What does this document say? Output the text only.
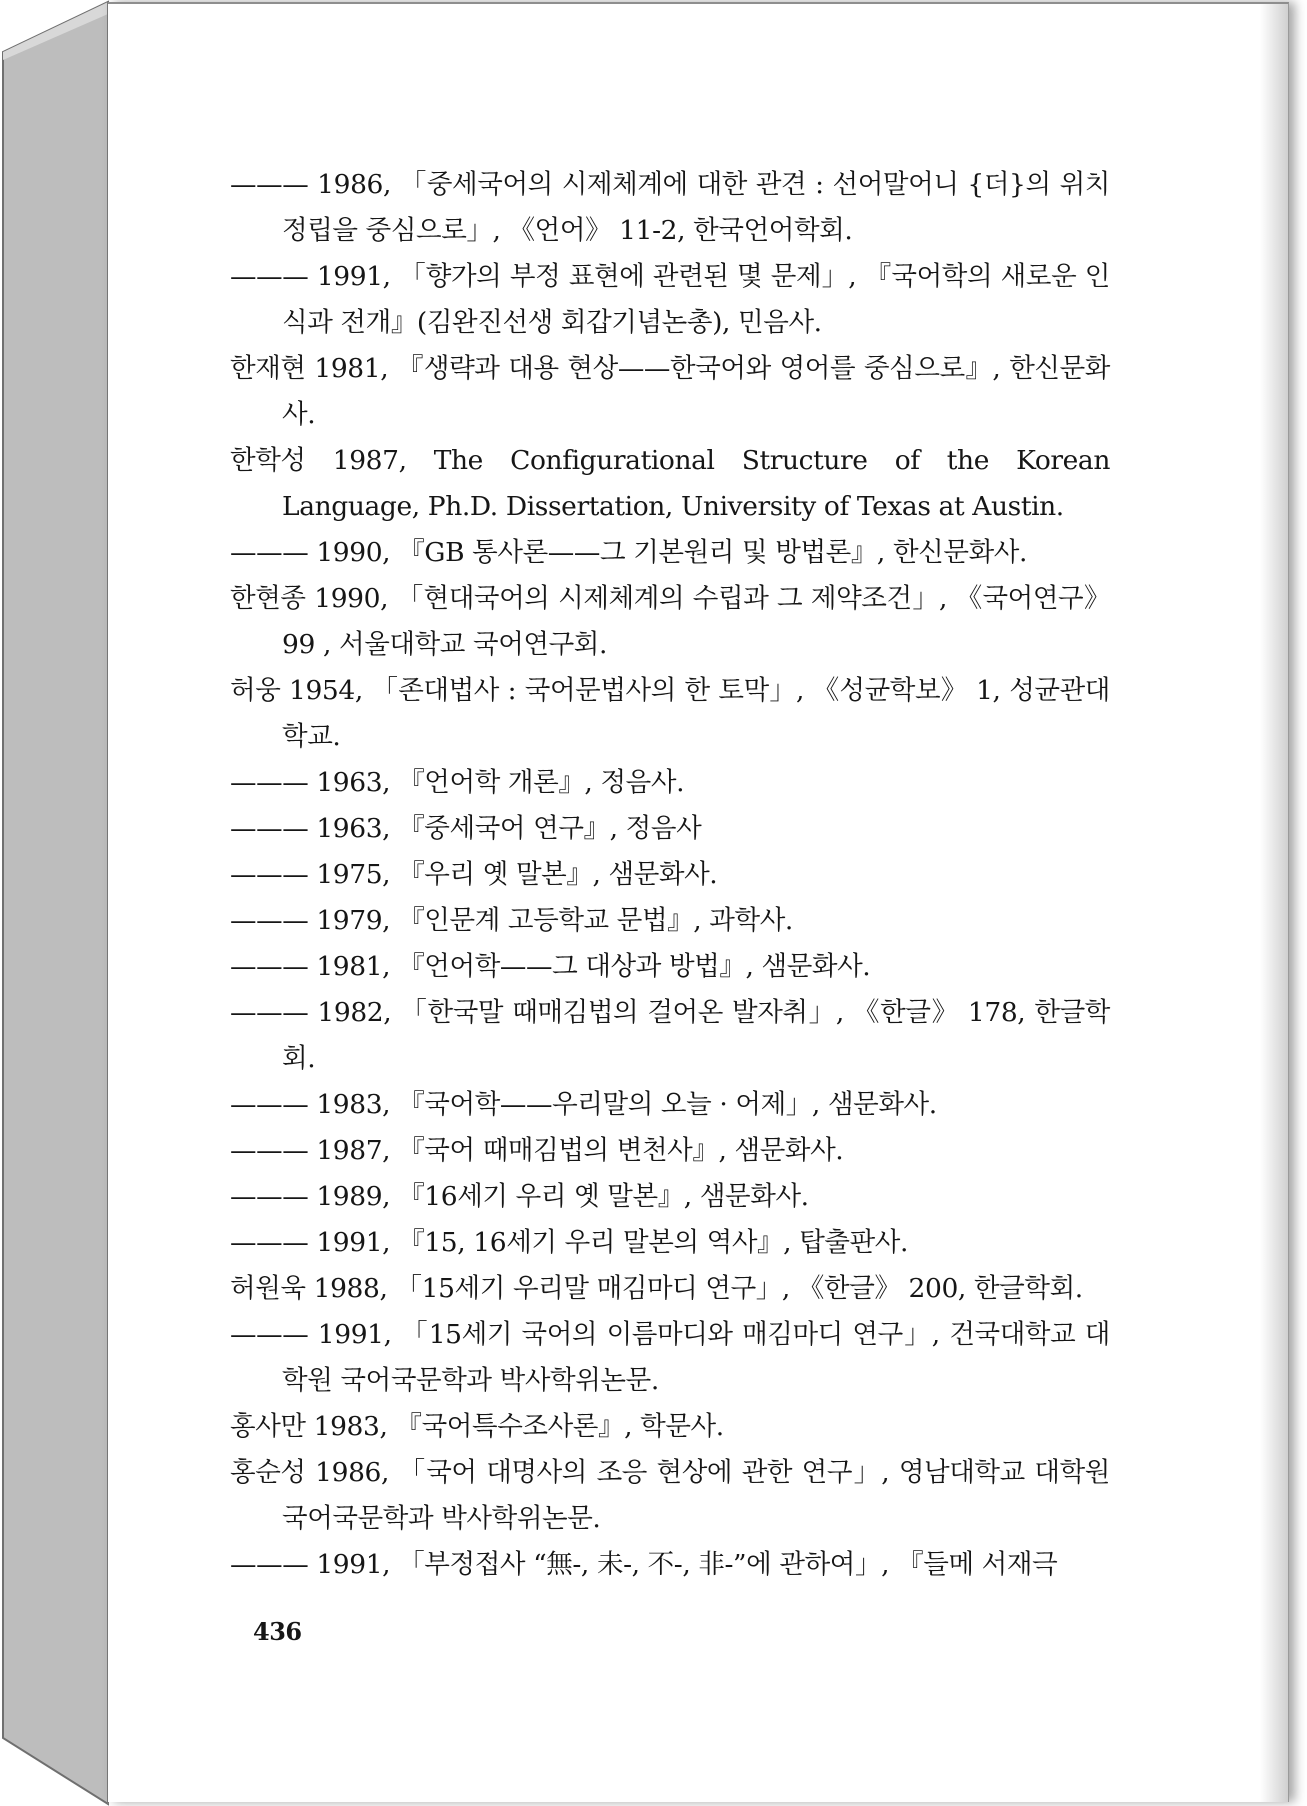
——— 1986, 「중세국어의 시제체계에 대한 관견 : 선어말어니 {더}의 위치정립을 중심으로」, 《언어》 11-2, 한국언어학회.

——— 1991, 「향가의 부정 표현에 관련된 몇 문제」, 『국어학의 새로운 인식과 전개』(김완진선생 회갑기념논총), 민음사.

한재현 1981, 『생략과 대용 현상——한국어와 영어를 중심으로』, 한신문화사.

한학성 1987, The Configurational Structure of the Korean Language, Ph.D. Dissertation, University of Texas at Austin.

——— 1990, 『GB 통사론——그 기본원리 및 방법론』, 한신문화사.

한현종 1990, 「현대국어의 시제체계의 수립과 그 제약조건」, 《국어연구》 99 , 서울대학교 국어연구회.

허웅 1954, 「존대법사 : 국어문법사의 한 토막」, 《성균학보》 1, 성균관대학교.

——— 1963, 『언어학 개론』, 정음사.

——— 1963, 『중세국어 연구』, 정음사

——— 1975, 『우리 옛 말본』, 샘문화사.

——— 1979, 『인문계 고등학교 문법』, 과학사.

——— 1981, 『언어학——그 대상과 방법』, 샘문화사.

——— 1982, 「한국말 때매김법의 걸어온 발자취」, 《한글》 178, 한글학회.

——— 1983, 『국어학——우리말의 오늘 · 어제」, 샘문화사.

——— 1987, 『국어 때매김법의 변천사』, 샘문화사.

——— 1989, 『16세기 우리 옛 말본』, 샘문화사.

——— 1991, 『15, 16세기 우리 말본의 역사』, 탑출판사.

허원욱 1988, 「15세기 우리말 매김마디 연구」, 《한글》 200, 한글학회.

——— 1991, 「15세기 국어의 이름마디와 매김마디 연구」, 건국대학교 대학원 국어국문학과 박사학위논문.

홍사만 1983, 『국어특수조사론』, 학문사.

홍순성 1986, 「국어 대명사의 조응 현상에 관한 연구」, 영남대학교 대학원 국어국문학과 박사학위논문.

——— 1991, 「부정접사 “無-, 未-, 不-, 非-”에 관하여」, 『들메 서재극

436
